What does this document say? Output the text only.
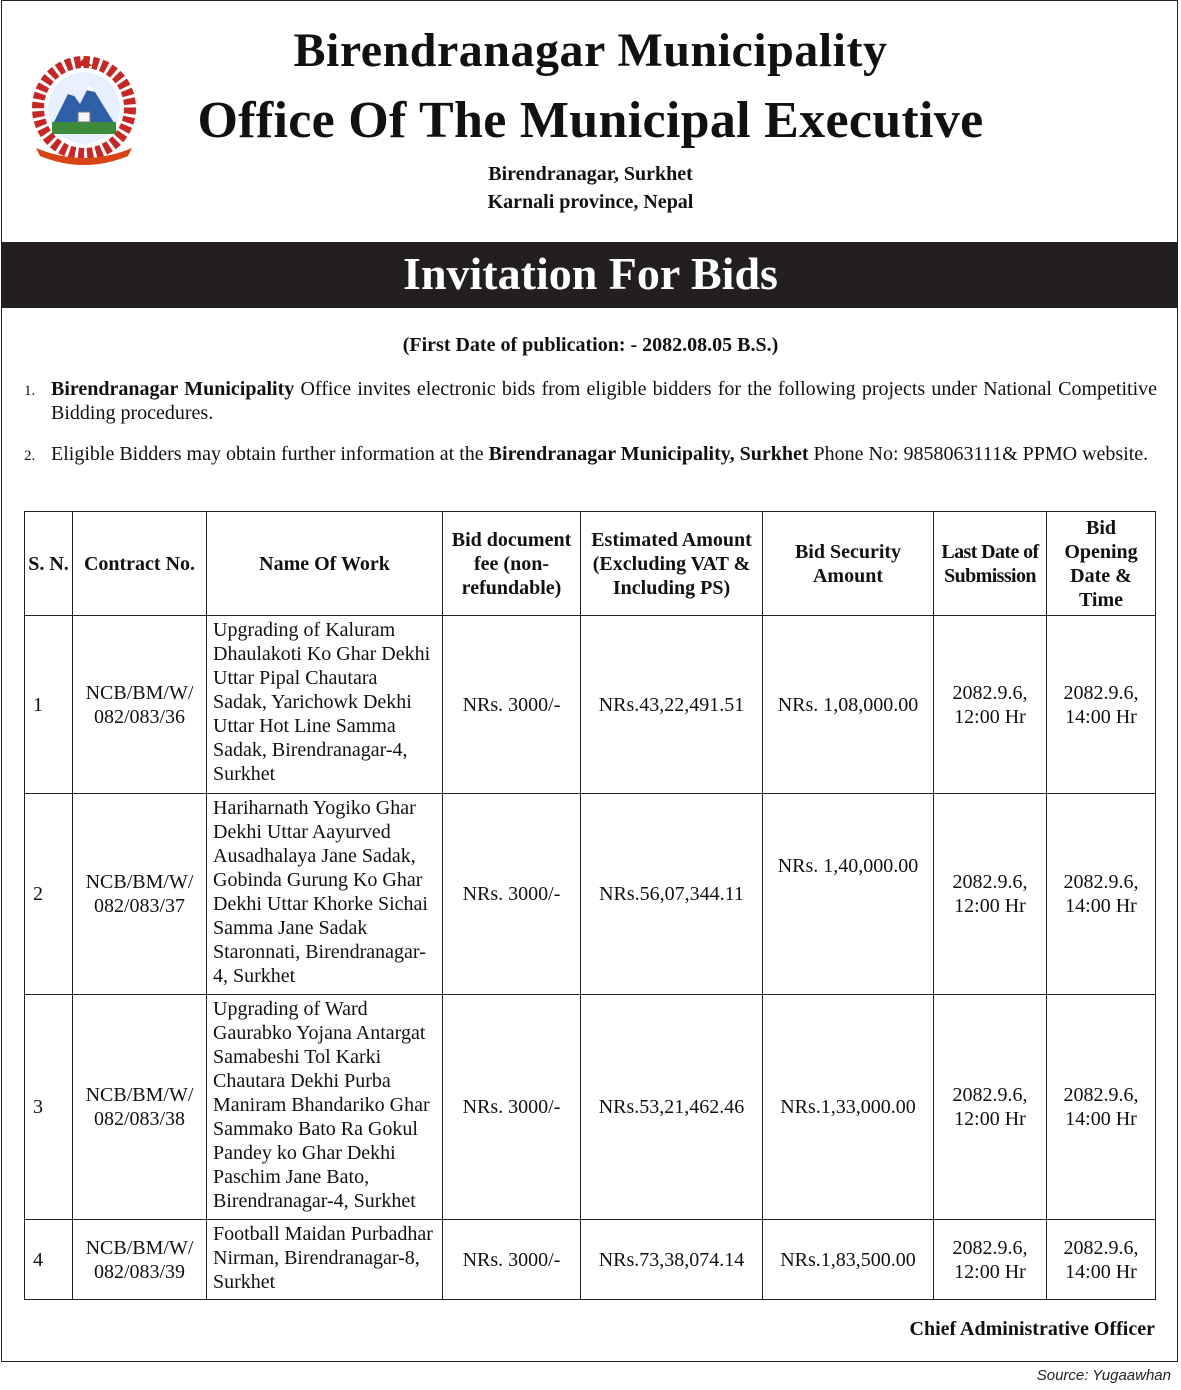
Birendranagar Municipality
Office Of The Municipal Executive

Birendranagar, Surkhet

Karnali province, Nepal

Invitation For Bids
(First Date of publication: - 2082.08.05 B.S.)
1. Birendranagar Municipality Office invites electronic bids from eligible bidders for the following projects under National Competitive Bidding procedures.
2. Eligible Bidders may obtain further information at the Birendranagar Municipality, Surkhet Phone No: 9858063111& PPMO website.
S. N.	Contract No.	Name Of Work	Bid document fee (non-refundable)	Estimated Amount (Excluding VAT & Including PS)	Bid Security Amount	Last Date of Submission	Bid Opening Date & Time
1	NCB/BM/W/ 082/083/36	Upgrading of Kaluram Dhaulakoti Ko Ghar Dekhi Uttar Pipal Chautara Sadak, Yarichowk Dekhi Uttar Hot Line Samma Sadak, Birendranagar-4, Surkhet	NRs. 3000/-	NRs.43,22,491.51	NRs. 1,08,000.00	2082.9.6, 12:00 Hr	2082.9.6, 14:00 Hr
2	NCB/BM/W/ 082/083/37	Hariharnath Yogiko Ghar Dekhi Uttar Aayurved Ausadhalaya Jane Sadak, Gobinda Gurung Ko Ghar Dekhi Uttar Khorke Sichai Samma Jane Sadak Staronnati, Birendranagar-4, Surkhet	NRs. 3000/-	NRs.56,07,344.11	NRs. 1,40,000.00	2082.9.6, 12:00 Hr	2082.9.6, 14:00 Hr
3	NCB/BM/W/ 082/083/38	Upgrading of Ward Gaurabko Yojana Antargat Samabeshi Tol Karki Chautara Dekhi Purba Maniram Bhandariko Ghar Sammako Bato Ra Gokul Pandey ko Ghar Dekhi Paschim Jane Bato, Birendranagar-4, Surkhet	NRs. 3000/-	NRs.53,21,462.46	NRs.1,33,000.00	2082.9.6, 12:00 Hr	2082.9.6, 14:00 Hr
4	NCB/BM/W/ 082/083/39	Football Maidan Purbadhar Nirman, Birendranagar-8, Surkhet	NRs. 3000/-	NRs.73,38,074.14	NRs.1,83,500.00	2082.9.6, 12:00 Hr	2082.9.6, 14:00 Hr
Chief Administrative Officer
Source: Yugaawhan
